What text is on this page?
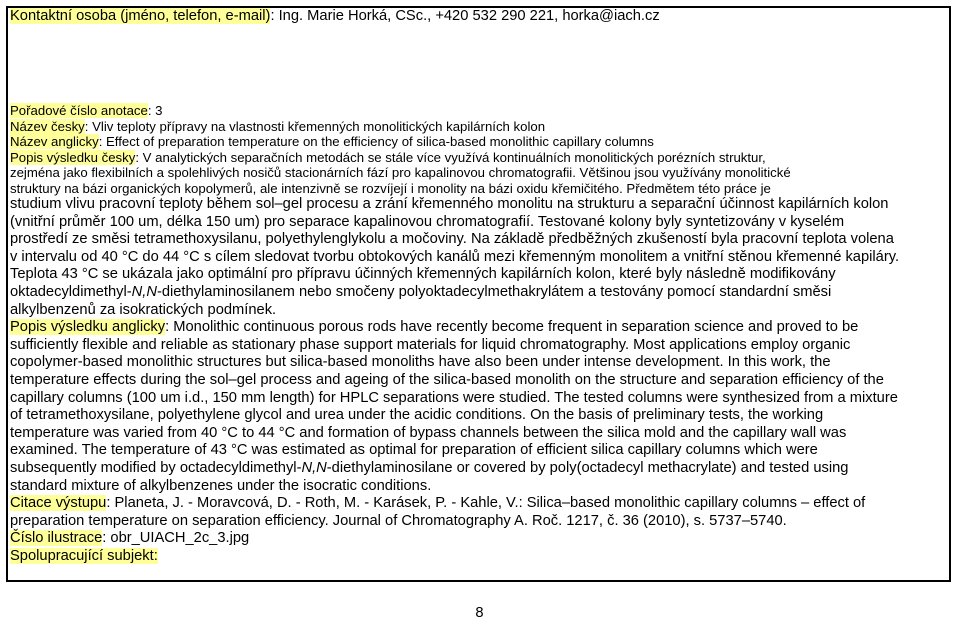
Kontaktní osoba (jméno, telefon, e-mail): Ing. Marie Horká, CSc., +420 532 290 221, horka@iach.cz
Pořadové číslo anotace: 3
Název česky: Vliv teploty přípravy na vlastnosti křemenných monolitických kapilárních kolon
Název anglicky: Effect of preparation temperature on the efficiency of silica-based monolithic capillary columns
Popis výsledku česky: V analytických separačních metodách se stále více využívá kontinuálních monolitických porézních struktur,
zejména jako flexibilních a spolehlivých nosičů stacionárních fází pro kapalinovou chromatografii. Většinou jsou využívány monolitické
struktury na bázi organických kopolymerů, ale intenzivně se rozvíjejí i monolity na bázi oxidu křemičitého. Předmětem této práce je
studium vlivu pracovní teploty během sol–gel procesu a zrání křemenného monolitu na strukturu a separační účinnost kapilárních kolon
(vnitřní průměr 100 um, délka 150 um) pro separace kapalinovou chromatografií. Testované kolony byly syntetizovány v kyselém
prostředí ze směsi tetramethoxysilanu, polyethylenglykolu a močoviny. Na základě předběžných zkušeností byla pracovní teplota volena
v intervalu od 40 °C do 44 °C s cílem sledovat tvorbu obtokových kanálů mezi křemenným monolitem a vnitřní stěnou křemenné kapiláry.
Teplota 43 °C se ukázala jako optimální pro přípravu účinných křemenných kapilárních kolon, které byly následně modifikovány
oktadecyldimethyl-N,N-diethylaminosilanem nebo smočeny polyoktadecylmethakrylátem a testovány pomocí standardní směsi
alkylbenzenů za isokratických podmínek.
Popis výsledku anglicky: Monolithic continuous porous rods have recently become frequent in separation science and proved to be
sufficiently flexible and reliable as stationary phase support materials for liquid chromatography. Most applications employ organic
copolymer-based monolithic structures but silica-based monoliths have also been under intense development. In this work, the
temperature effects during the sol–gel process and ageing of the silica-based monolith on the structure and separation efficiency of the
capillary columns (100 um i.d., 150 mm length) for HPLC separations were studied. The tested columns were synthesized from a mixture
of tetramethoxysilane, polyethylene glycol and urea under the acidic conditions. On the basis of preliminary tests, the working
temperature was varied from 40 °C to 44 °C and formation of bypass channels between the silica mold and the capillary wall was
examined. The temperature of 43 °C was estimated as optimal for preparation of efficient silica capillary columns which were
subsequently modified by octadecyldimethyl-N,N-diethylaminosilane or covered by poly(octadecyl methacrylate) and tested using
standard mixture of alkylbenzenes under the isocratic conditions.
Citace výstupu: Planeta, J. - Moravcová, D. - Roth, M. - Karásek, P. - Kahle, V.: Silica–based monolithic capillary columns – effect of
preparation temperature on separation efficiency. Journal of Chromatography A. Roč. 1217, č. 36 (2010), s. 5737–5740.
Číslo ilustrace: obr_UIACH_2c_3.jpg
Spolupracující subjekt:
8
